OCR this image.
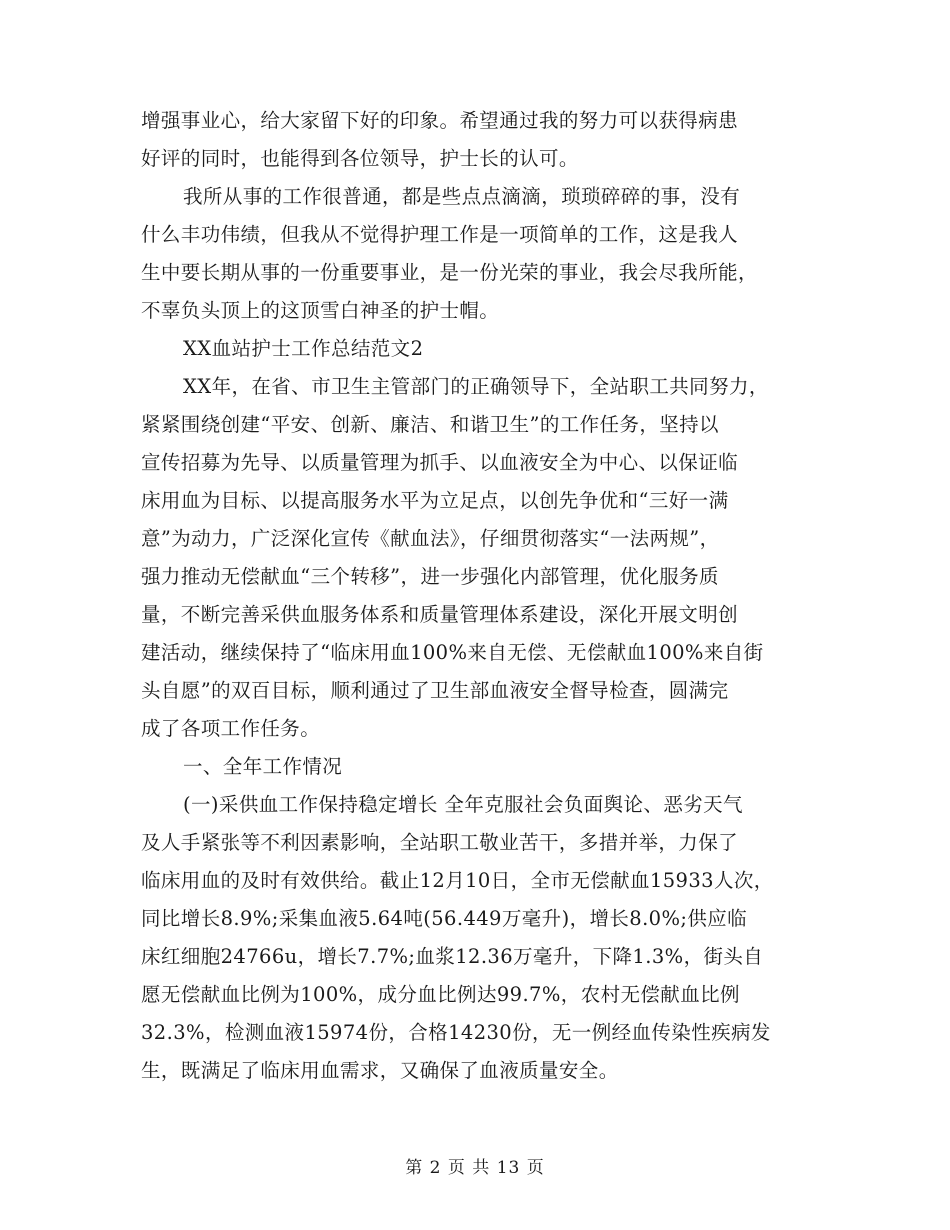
增强事业心，给大家留下好的印象。希望通过我的努力可以获得病患
好评的同时，也能得到各位领导，护士长的认可。
我所从事的工作很普通，都是些点点滴滴，琐琐碎碎的事，没有
什么丰功伟绩，但我从不觉得护理工作是一项简单的工作，这是我人
生中要长期从事的一份重要事业，是一份光荣的事业，我会尽我所能，
不辜负头顶上的这顶雪白神圣的护士帽。
XX血站护士工作总结范文2
XX年，在省、市卫生主管部门的正确领导下，全站职工共同努力，
紧紧围绕创建“平安、创新、廉洁、和谐卫生”的工作任务，坚持以
宣传招募为先导、以质量管理为抓手、以血液安全为中心、以保证临
床用血为目标、以提高服务水平为立足点，以创先争优和“三好一满
意”为动力，广泛深化宣传《献血法》，仔细贯彻落实“一法两规”，
强力推动无偿献血“三个转移”，进一步强化内部管理，优化服务质
量，不断完善采供血服务体系和质量管理体系建设，深化开展文明创
建活动，继续保持了“临床用血100%来自无偿、无偿献血100%来自街
头自愿”的双百目标，顺利通过了卫生部血液安全督导检查，圆满完
成了各项工作任务。
一、全年工作情况
(一)采供血工作保持稳定增长 全年克服社会负面舆论、恶劣天气
及人手紧张等不利因素影响，全站职工敬业苦干，多措并举，力保了
临床用血的及时有效供给。截止12月10日，全市无偿献血15933人次，
同比增长8.9%;采集血液5.64吨(56.449万毫升)，增长8.0%;供应临
床红细胞24766u，增长7.7%;血浆12.36万毫升，下降1.3%，街头自
愿无偿献血比例为100%，成分血比例达99.7%，农村无偿献血比例
32.3%，检测血液15974份，合格14230份，无一例经血传染性疾病发
生，既满足了临床用血需求，又确保了血液质量安全。
第 2 页 共 13 页
